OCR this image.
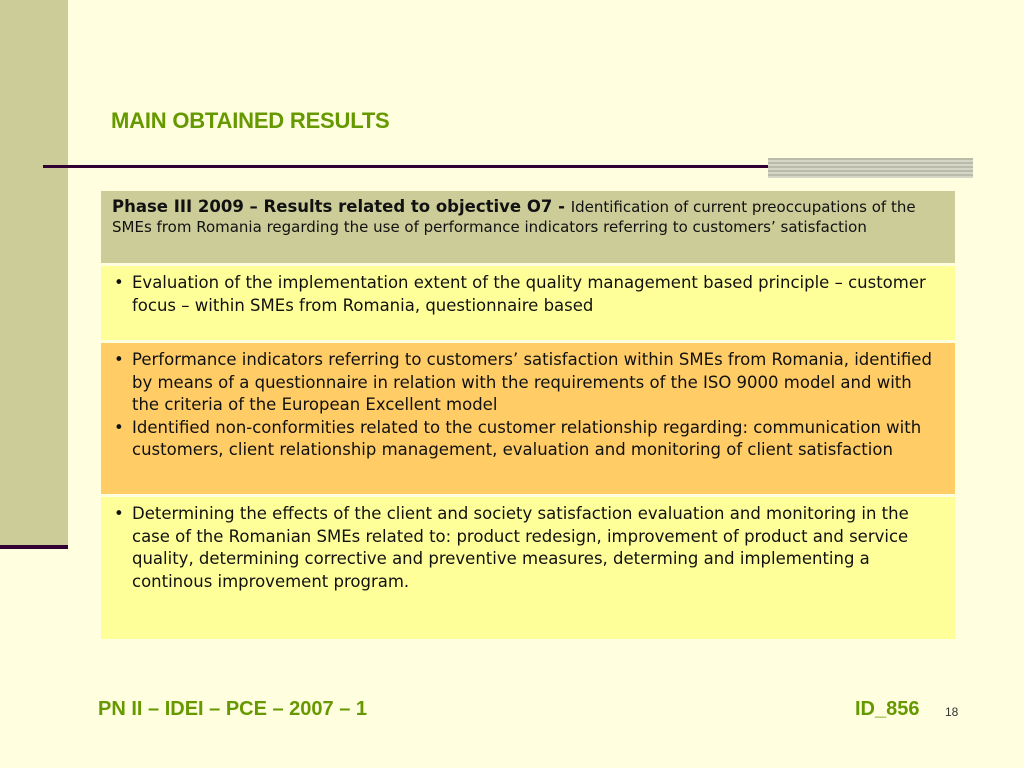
MAIN OBTAINED RESULTS
Phase III 2009 – Results related to objective O7 - Identification of current preoccupations of the SMEs from Romania regarding the use of performance indicators referring to customers’ satisfaction
• Evaluation of the implementation extent of the quality management based principle – customer focus – within SMEs from Romania, questionnaire based
• Performance indicators referring to customers’ satisfaction within SMEs from Romania, identified by means of a questionnaire in relation with the requirements of the ISO 9000 model and with the criteria of the European Excellent model
• Identified non-conformities related to the customer relationship regarding: communication with customers, client relationship management, evaluation and monitoring of client satisfaction
• Determining the effects of the client and society satisfaction evaluation and monitoring in the case of the Romanian SMEs related to: product redesign, improvement of product and service quality, determining corrective and preventive measures, determing and implementing a continous improvement program.
PN II – IDEI – PCE – 2007 – 1	ID_856 18
